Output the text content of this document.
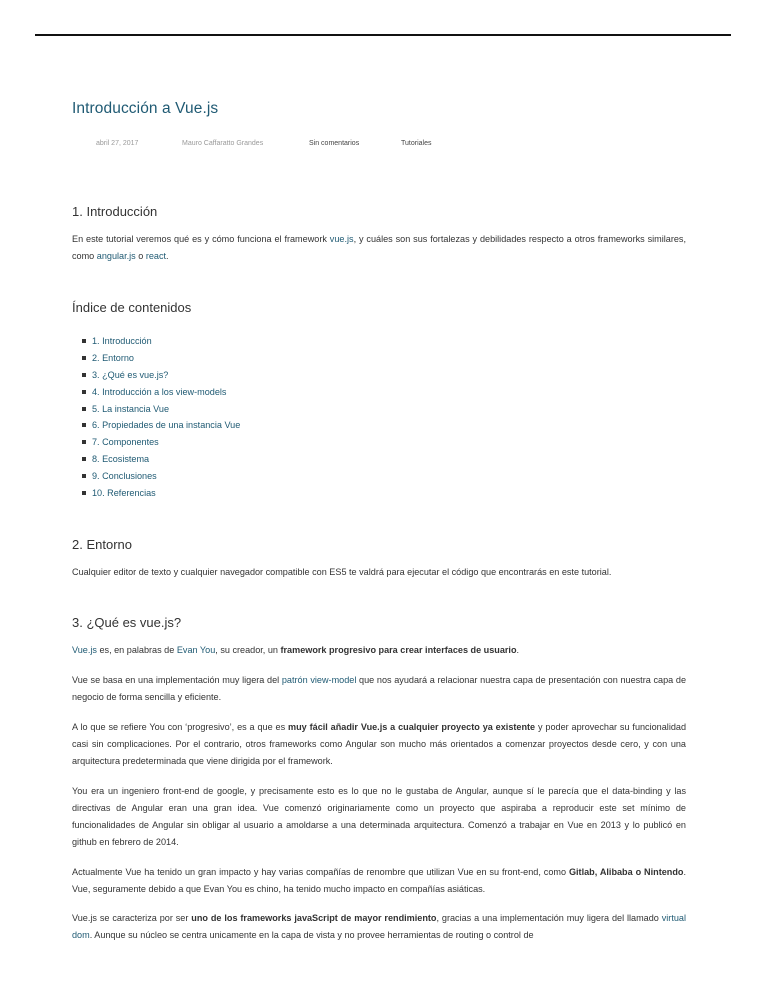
Introducción a Vue.js
abril 27, 2017	Mauro Caffaratto Grandes	Sin comentarios	Tutoriales
1. Introducción

En este tutorial veremos qué es y cómo funciona el framework vue.js, y cuáles son sus fortalezas y debilidades respecto a otros frameworks similares, como angular.js o react.

Índice de contenidos
1. Introducción
2. Entorno
3. ¿Qué es vue.js?
4. Introducción a los view-models
5. La instancia Vue
6. Propiedades de una instancia Vue
7. Componentes
8. Ecosistema
9. Conclusiones
10. Referencias
2. Entorno

Cualquier editor de texto y cualquier navegador compatible con ES5 te valdrá para ejecutar el código que encontrarás en este tutorial.

3. ¿Qué es vue.js?

Vue.js es, en palabras de Evan You, su creador, un framework progresivo para crear interfaces de usuario.

Vue se basa en una implementación muy ligera del patrón view-model que nos ayudará a relacionar nuestra capa de presentación con nuestra capa de negocio de forma sencilla y eficiente.

A lo que se refiere You con ‘progresivo’, es a que es muy fácil añadir Vue.js a cualquier proyecto ya existente y poder aprovechar su funcionalidad casi sin complicaciones. Por el contrario, otros frameworks como Angular son mucho más orientados a comenzar proyectos desde cero, y con una arquitectura predeterminada que viene dirigida por el framework.

You era un ingeniero front-end de google, y precisamente esto es lo que no le gustaba de Angular, aunque sí le parecía que el data-binding y las directivas de Angular eran una gran idea. Vue comenzó originariamente como un proyecto que aspiraba a reproducir este set mínimo de funcionalidades de Angular sin obligar al usuario a amoldarse a una determinada arquitectura. Comenzó a trabajar en Vue en 2013 y lo publicó en github en febrero de 2014.

Actualmente Vue ha tenido un gran impacto y hay varias compañías de renombre que utilizan Vue en su front-end, como Gitlab, Alibaba o Nintendo. Vue, seguramente debido a que Evan You es chino, ha tenido mucho impacto en compañías asiáticas.

Vue.js se caracteriza por ser uno de los frameworks javaScript de mayor rendimiento, gracias a una implementación muy ligera del llamado virtual dom. Aunque su núcleo se centra unicamente en la capa de vista y no provee herramientas de routing o control de
